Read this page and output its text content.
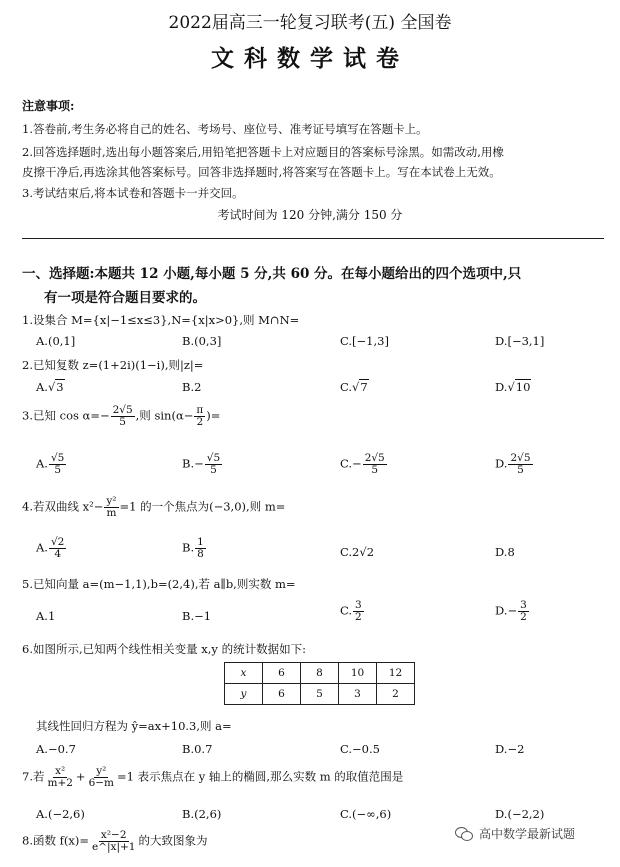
2022届高三一轮复习联考(五) 全国卷
文科数学试卷
注意事项:
1.答卷前,考生务必将自己的姓名、考场号、座位号、准考证号填写在答题卡上。
2.回答选择题时,选出每小题答案后,用铅笔把答题卡上对应题目的答案标号涂黑。如需改动,用橡
皮擦干净后,再选涂其他答案标号。回答非选择题时,将答案写在答题卡上。写在本试卷上无效。
3.考试结束后,将本试卷和答题卡一并交回。
考试时间为 120 分钟,满分 150 分
一、选择题:本题共 12 小题,每小题 5 分,共 60 分。在每小题给出的四个选项中,只
有一项是符合题目要求的。
1.设集合 M={x|−1≤x≤3},N={x|x>0},则 M∩N=
A.(0,1]	B.(0,3]	C.[−1,3]	D.[−3,1]
2.已知复数 z=(1+2i)(1−i),则|z|=
A.√3	B.2	C.√7	D.√10
3.已知 $\cos \alpha=- \frac{2√5}{5}$ ,则 $\sin(\alpha- \frac{\pi}{2}$ )=
A. $\frac{√5}{5}$	$B.- \frac{√5}{5}$	$C.- \frac{2√5}{5}$	D. $\frac{2√5}{5}$
4.若双曲线 $x^2- \frac{\text{y²}}{m} =1$ 的一个焦点为(−3,0),则 m=
A. $\frac{√2}{4}$	B. $\frac{1}{8}$	C.2√2	D.8
5.已知向量 a=(m−1,1),b=(2,4),若 a∥b,则实数 m=
A.1	B.−1	C. $\frac{3}{2}$	$D.- \frac{3}{2}$
6.如图所示,已知两个线性相关变量 x,y 的统计数据如下:
x	6	8	10	12
y	6	5	3	2
其线性回归方程为 ŷ=ax+10.3,则 a=
A.−0.7	B.0.7	C.−0.5	D.−2
7.若 $\frac{\text{x²}}{m+2} + \frac{\text{y²}}{6-m} =1$ 表示焦点在 y 轴上的椭圆,那么实数 m 的取值范围是
A.(−2,6)	B.(2,6)	C.(−∞,6)	D.(−2,2)
8.函数 $f(x)= \frac{\text{x²−2}}{e\^{}|x|+1}$ 的大致图象为	高中数学最新试题
